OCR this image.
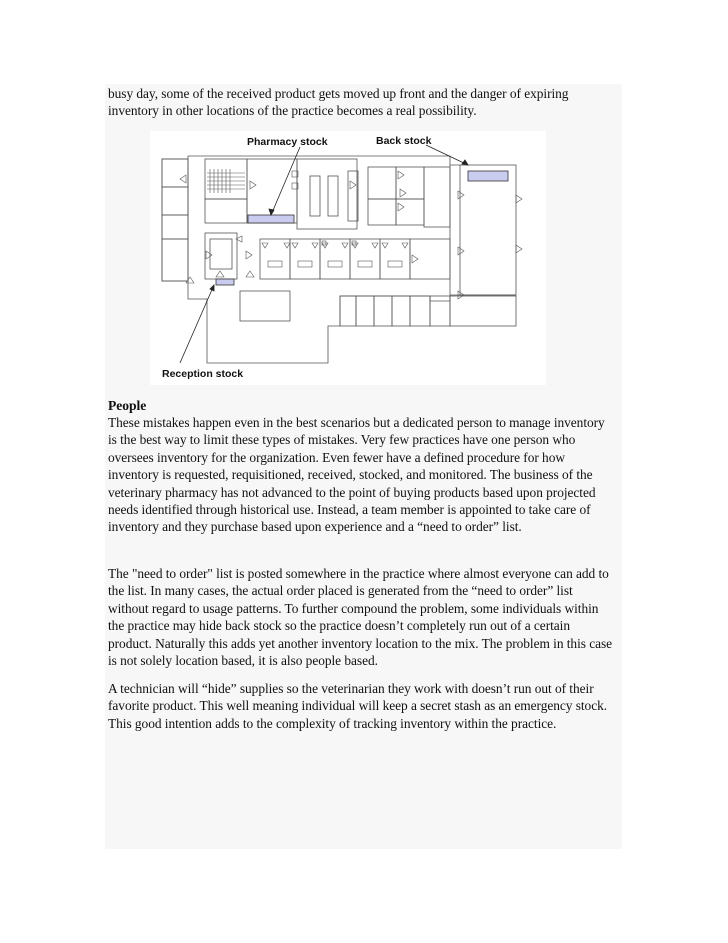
busy day, some of the received product gets moved up front and the danger of expiring inventory in other locations of the practice becomes a real possibility.

Pharmacy stock	Back stock
Reception stock
People

These mistakes happen even in the best scenarios but a dedicated person to manage inventory is the best way to limit these types of mistakes. Very few practices have one person who oversees inventory for the organization. Even fewer have a defined procedure for how inventory is requested, requisitioned, received, stocked, and monitored. The business of the veterinary pharmacy has not advanced to the point of buying products based upon projected needs identified through historical use. Instead, a team member is appointed to take care of inventory and they purchase based upon experience and a “need to order” list.

The "need to order" list is posted somewhere in the practice where almost everyone can add to the list. In many cases, the actual order placed is generated from the “need to order” list without regard to usage patterns. To further compound the problem, some individuals within the practice may hide back stock so the practice doesn’t completely run out of a certain product. Naturally this adds yet another inventory location to the mix. The problem in this case is not solely location based, it is also people based.

A technician will “hide” supplies so the veterinarian they work with doesn’t run out of their favorite product. This well meaning individual will keep a secret stash as an emergency stock. This good intention adds to the complexity of tracking inventory within the practice.
